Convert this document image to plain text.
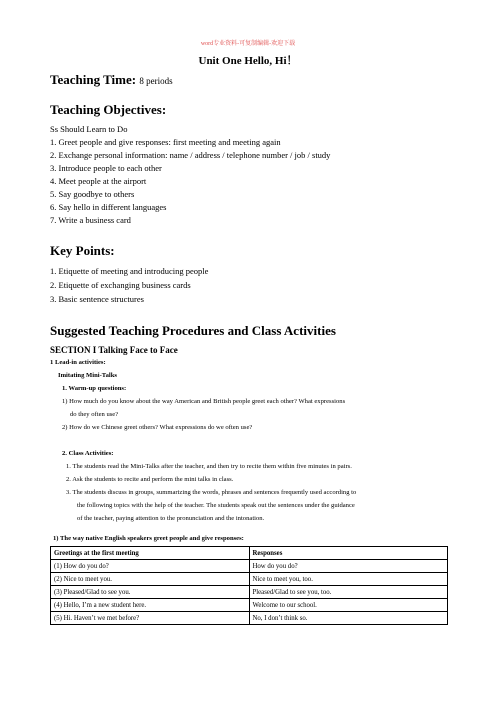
word专业资料-可复制编辑-欢迎下载
Unit One Hello, Hi！
Teaching Time: 8 periods
Teaching Objectives:
Ss Should Learn to Do
1. Greet people and give responses: first meeting and meeting again
2. Exchange personal information: name / address / telephone number / job / study
3. Introduce people to each other
4. Meet people at the airport
5. Say goodbye to others
6. Say hello in different languages
7. Write a business card
Key Points:
1. Etiquette of meeting and introducing people
2. Etiquette of exchanging business cards
3. Basic sentence structures
Suggested Teaching Procedures and Class Activities
SECTION I Talking Face to Face
1 Lead-in activities:
Imitating Mini-Talks
1. Warm-up questions:
1) How much do you know about the way American and British people greet each other? What expressions
do they often use?
2) How do we Chinese greet others? What expressions do we often use?
2. Class Activities:
1. The students read the Mini-Talks after the teacher, and then try to recite them within five minutes in pairs.
2. Ask the students to recite and perform the mini talks in class.
3. The students discuss in groups, summarizing the words, phrases and sentences frequently used according to
the following topics with the help of the teacher. The students speak out the sentences under the guidance
of the teacher, paying attention to the pronunciation and the intonation.
1) The way native English speakers greet people and give responses:
Greetings at the first meeting	Responses
(1) How do you do?	How do you do?
(2) Nice to meet you.	Nice to meet you, too.
(3) Pleased/Glad to see you.	Pleased/Glad to see you, too.
(4) Hello, I’m a new student here.	Welcome to our school.
(5) Hi. Haven’t we met before?	No, I don’t think so.
